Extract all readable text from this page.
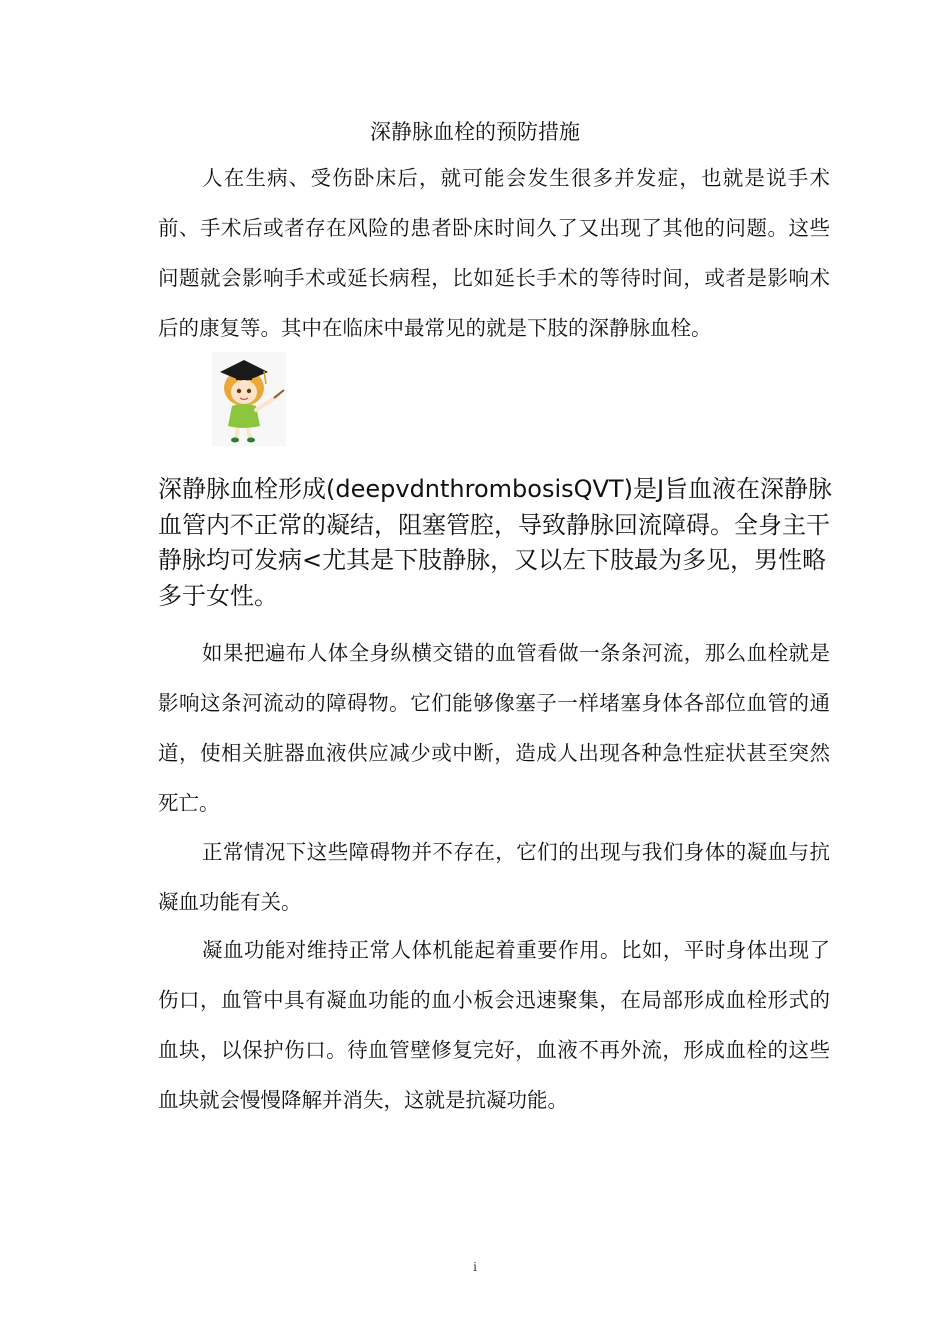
深静脉血栓的预防措施

人在生病、受伤卧床后，就可能会发生很多并发症，也就是说手术前、手术后或者存在风险的患者卧床时间久了又出现了其他的问题。这些问题就会影响手术或延长病程，比如延长手术的等待时间，或者是影响术后的康复等。其中在临床中最常见的就是下肢的深静脉血栓。

深静脉血栓形成(deepvdnthrombosisQVT)是J旨血液在深静脉血管内不正常的凝结，阻塞管腔，导致静脉回流障碍。全身主干静脉均可发病<尤其是下肢静脉，又以左下肢最为多见，男性略多于女性。

如果把遍布人体全身纵横交错的血管看做一条条河流，那么血栓就是影响这条河流动的障碍物。它们能够像塞子一样堵塞身体各部位血管的通道，使相关脏器血液供应减少或中断，造成人出现各种急性症状甚至突然死亡。

正常情况下这些障碍物并不存在，它们的出现与我们身体的凝血与抗凝血功能有关。

凝血功能对维持正常人体机能起着重要作用。比如，平时身体出现了伤口，血管中具有凝血功能的血小板会迅速聚集，在局部形成血栓形式的血块，以保护伤口。待血管壁修复完好，血液不再外流，形成血栓的这些血块就会慢慢降解并消失，这就是抗凝功能。

i
